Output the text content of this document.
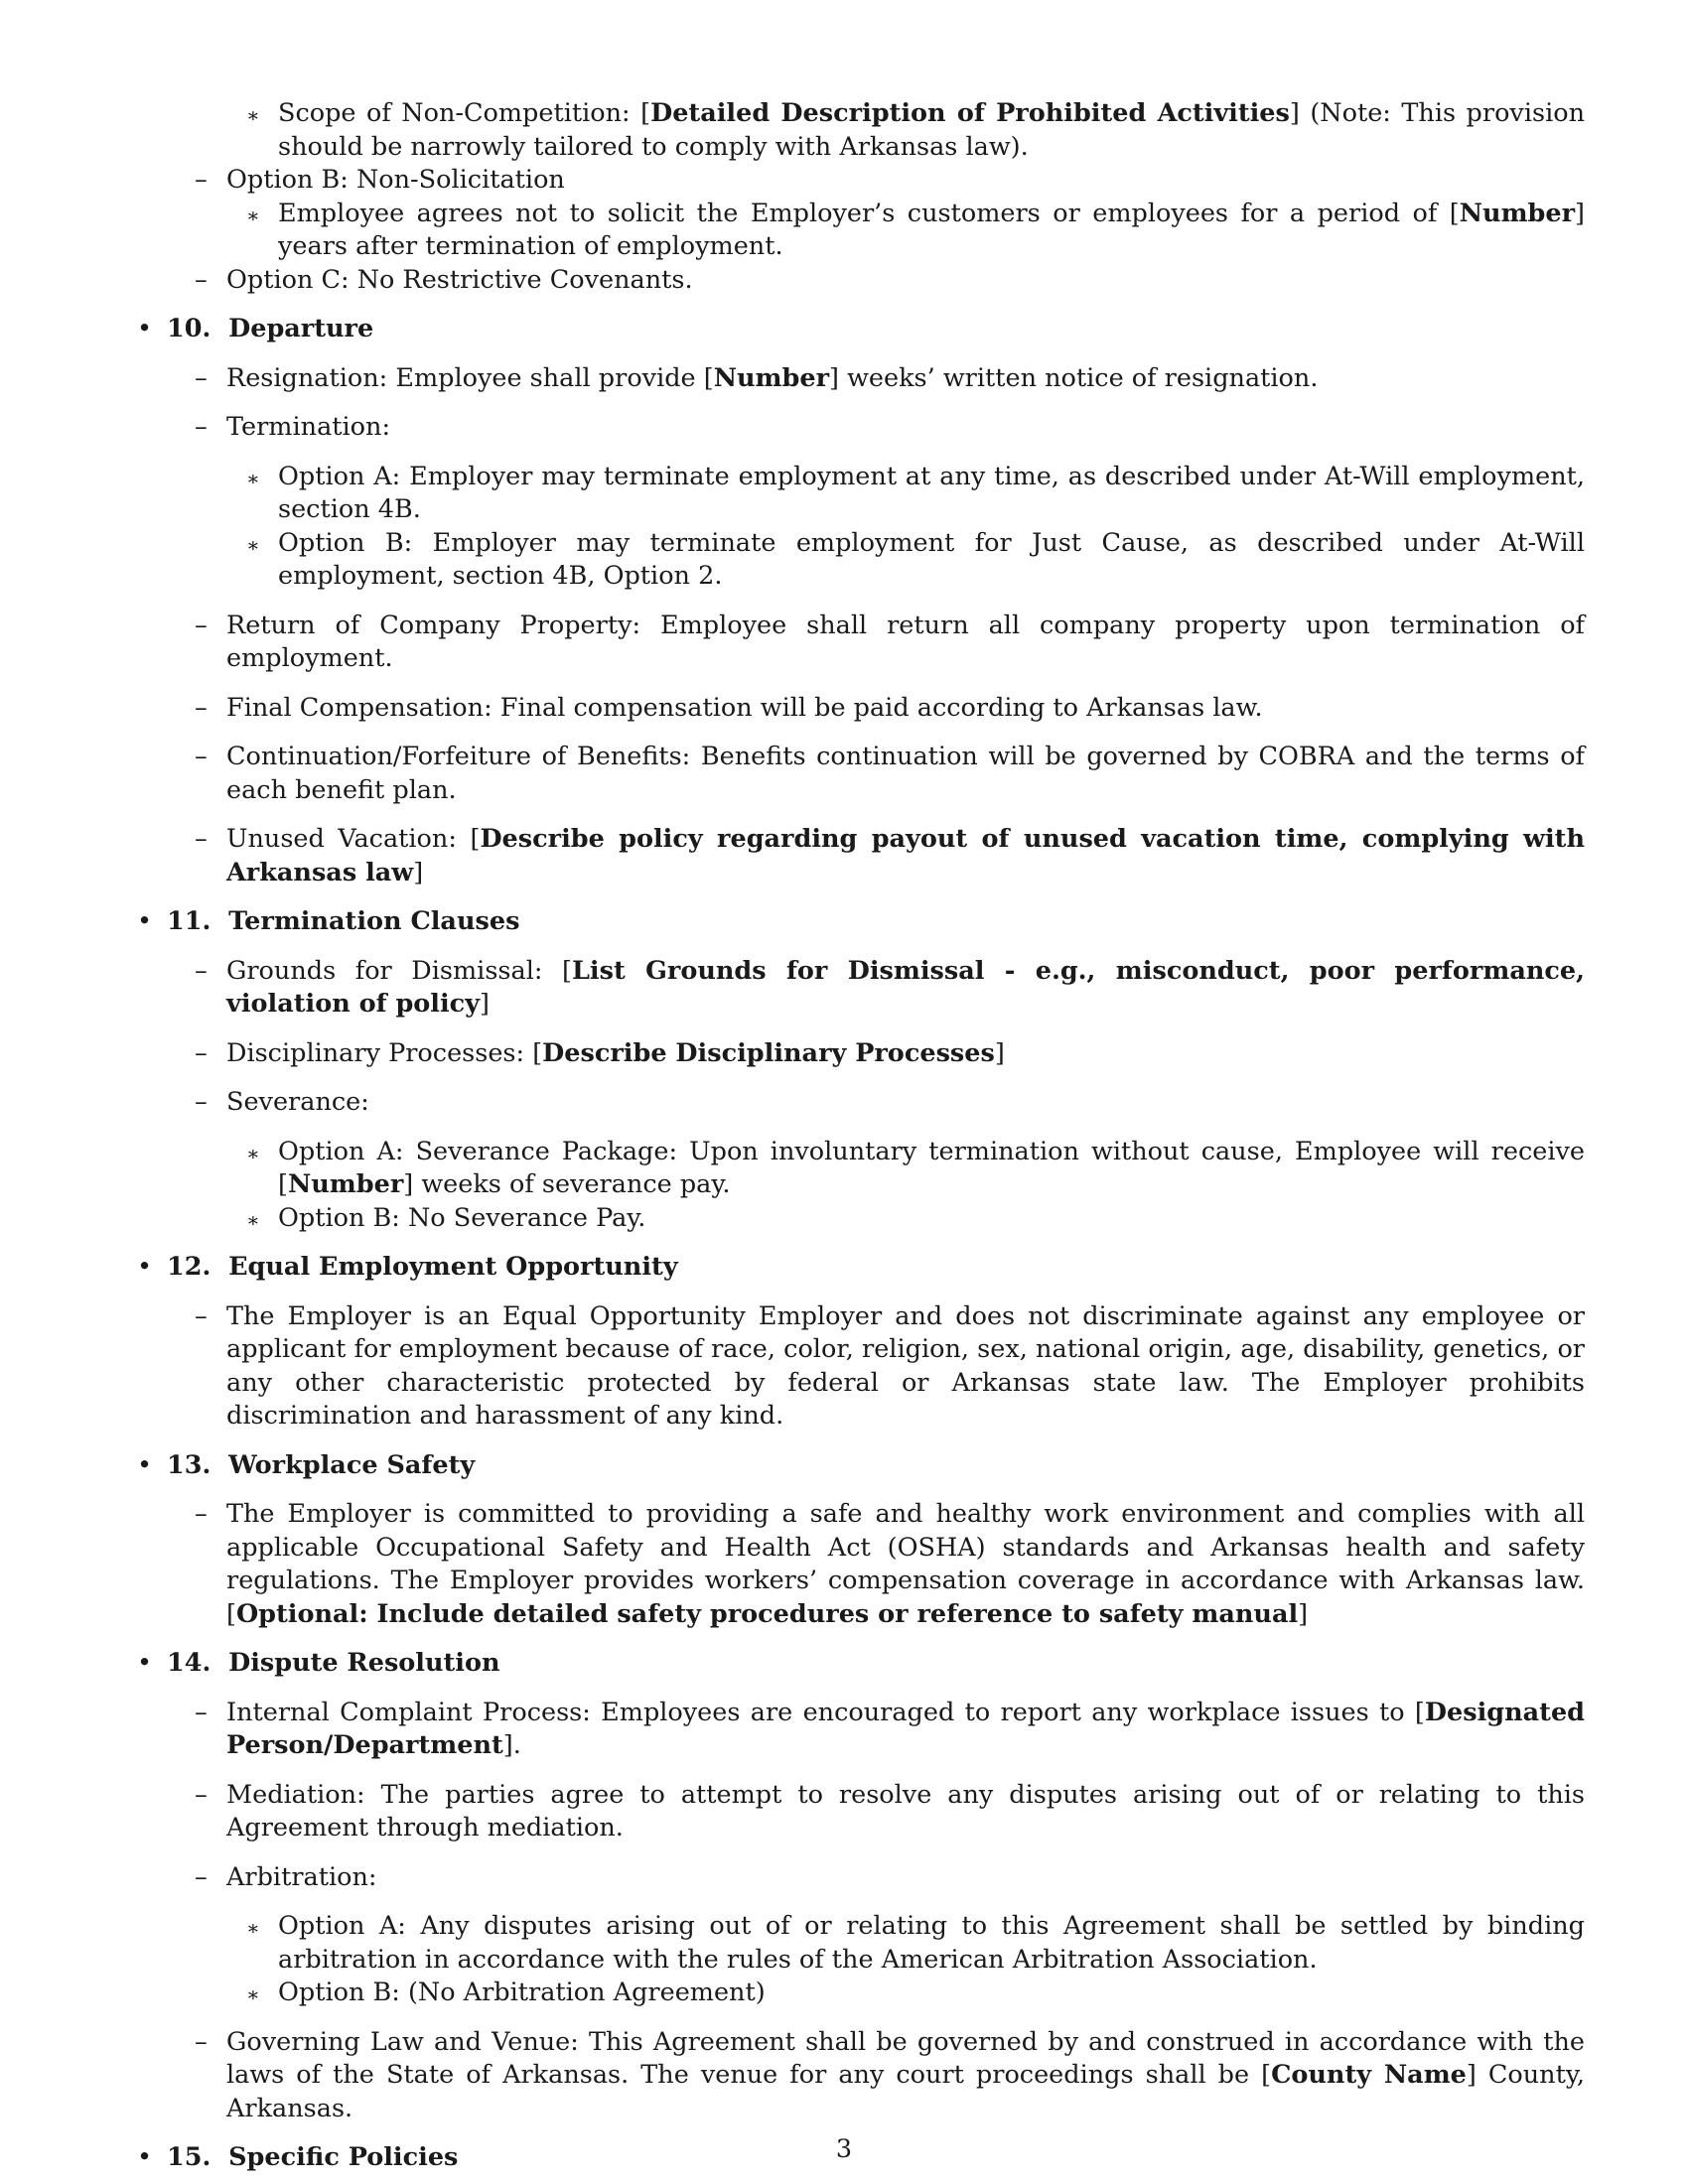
∗ Scope of Non-Competition: [Detailed Description of Prohibited Activities] (Note: This provision should be narrowly tailored to comply with Arkansas law).
– Option B: Non-Solicitation
∗ Employee agrees not to solicit the Employer’s customers or employees for a period of [Number] years after termination of employment.
– Option C: No Restrictive Covenants.
• 10.  Departure
– Resignation: Employee shall provide [Number] weeks’ written notice of resignation.
– Termination:
∗ Option A: Employer may terminate employment at any time, as described under At-Will employment, section 4B.
∗ Option B: Employer may terminate employment for Just Cause, as described under At-Will employment, section 4B, Option 2.
– Return of Company Property: Employee shall return all company property upon termination of employment.
– Final Compensation: Final compensation will be paid according to Arkansas law.
– Continuation/Forfeiture of Benefits: Benefits continuation will be governed by COBRA and the terms of each benefit plan.
– Unused Vacation: [Describe policy regarding payout of unused vacation time, complying with Arkansas law]
• 11.  Termination Clauses
– Grounds for Dismissal: [List Grounds for Dismissal - e.g., misconduct, poor performance, violation of policy]
– Disciplinary Processes: [Describe Disciplinary Processes]
– Severance:
∗ Option A: Severance Package: Upon involuntary termination without cause, Employee will receive [Number] weeks of severance pay.
∗ Option B: No Severance Pay.
• 12.  Equal Employment Opportunity
– The Employer is an Equal Opportunity Employer and does not discriminate against any employee or applicant for employment because of race, color, religion, sex, national origin, age, disability, genetics, or any other characteristic protected by federal or Arkansas state law. The Employer prohibits discrimination and harassment of any kind.
• 13.  Workplace Safety
– The Employer is committed to providing a safe and healthy work environment and complies with all applicable Occupational Safety and Health Act (OSHA) standards and Arkansas health and safety regulations. The Employer provides workers’ compensation coverage in accordance with Arkansas law. [Optional: Include detailed safety procedures or reference to safety manual]
• 14.  Dispute Resolution
– Internal Complaint Process: Employees are encouraged to report any workplace issues to [Designated Person/Department].
– Mediation: The parties agree to attempt to resolve any disputes arising out of or relating to this Agreement through mediation.
– Arbitration:
∗ Option A: Any disputes arising out of or relating to this Agreement shall be settled by binding arbitration in accordance with the rules of the American Arbitration Association.
∗ Option B: (No Arbitration Agreement)
– Governing Law and Venue: This Agreement shall be governed by and construed in accordance with the laws of the State of Arkansas. The venue for any court proceedings shall be [County Name] County, Arkansas.
• 15.  Specific Policies	3
